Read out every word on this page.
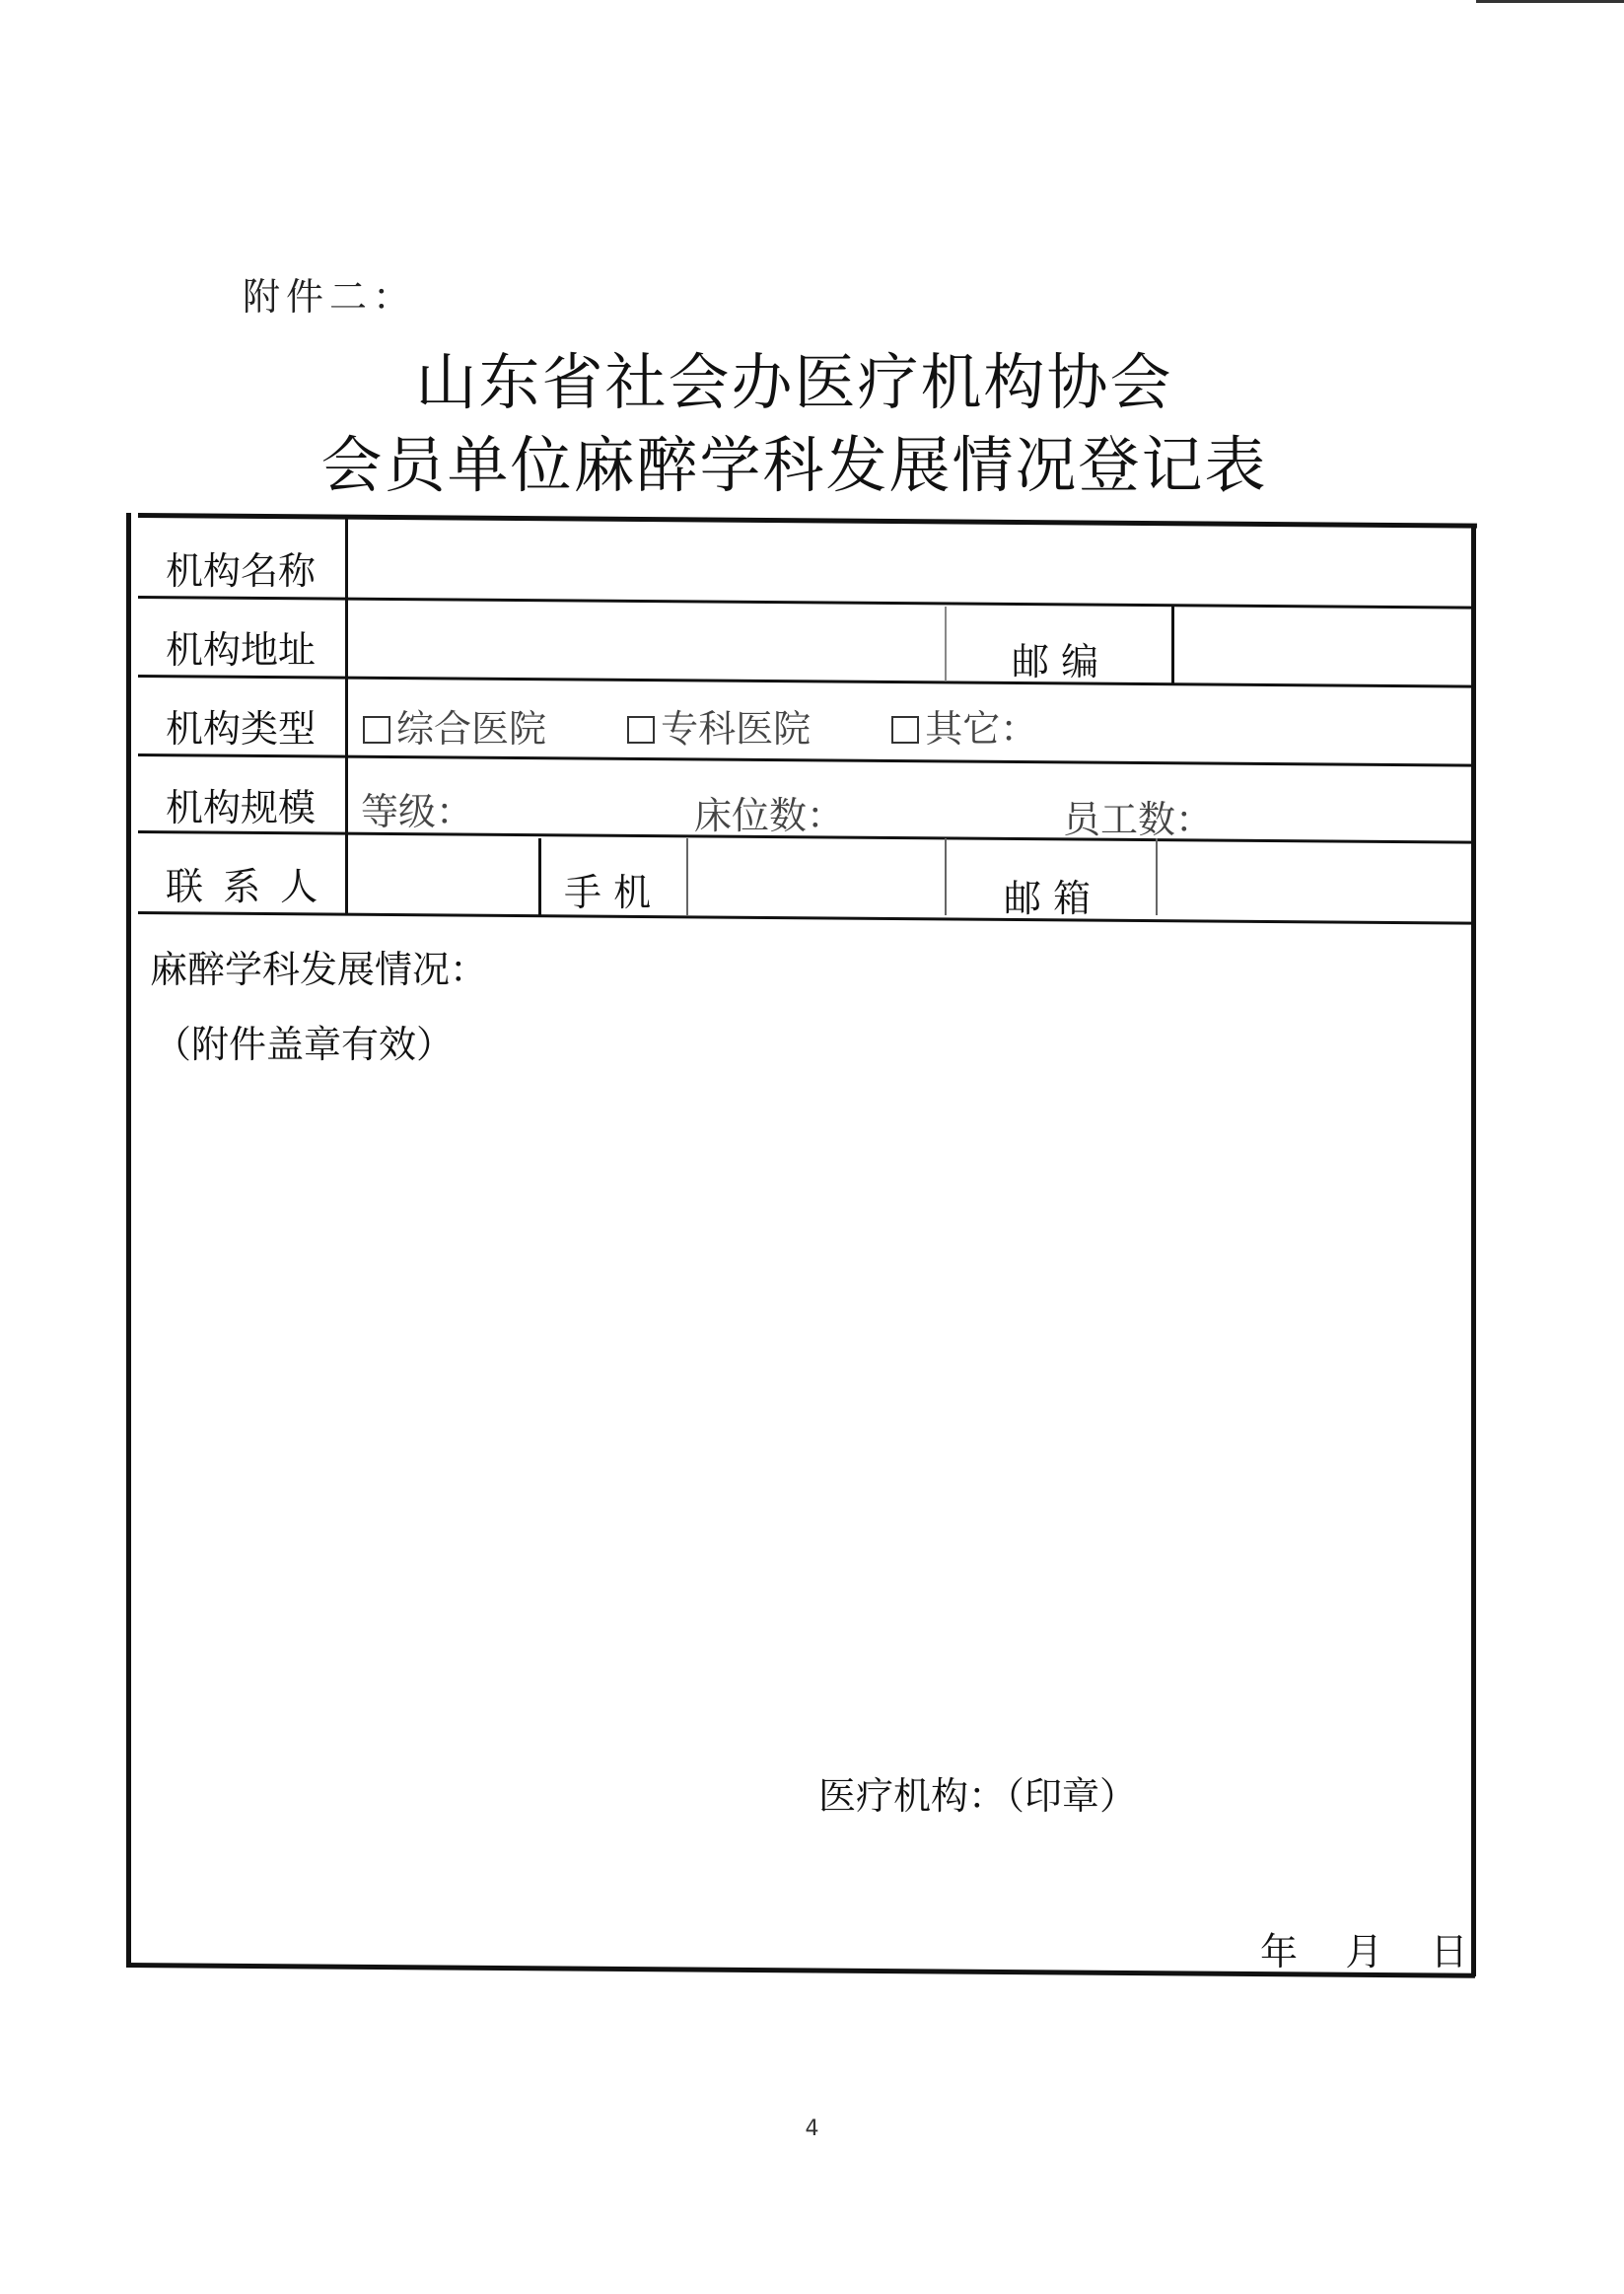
附件二：
山东省社会办医疗机构协会
会员单位麻醉学科发展情况登记表
机构名称
机构地址	邮 编
机构类型	综合医院	专科医院	其它：
机构规模 等级：	床位数：	员工数：
联 系 人	手 机	邮 箱
麻醉学科发展情况：
（附件盖章有效）
医疗机构：（印章）
年    月    日
4
